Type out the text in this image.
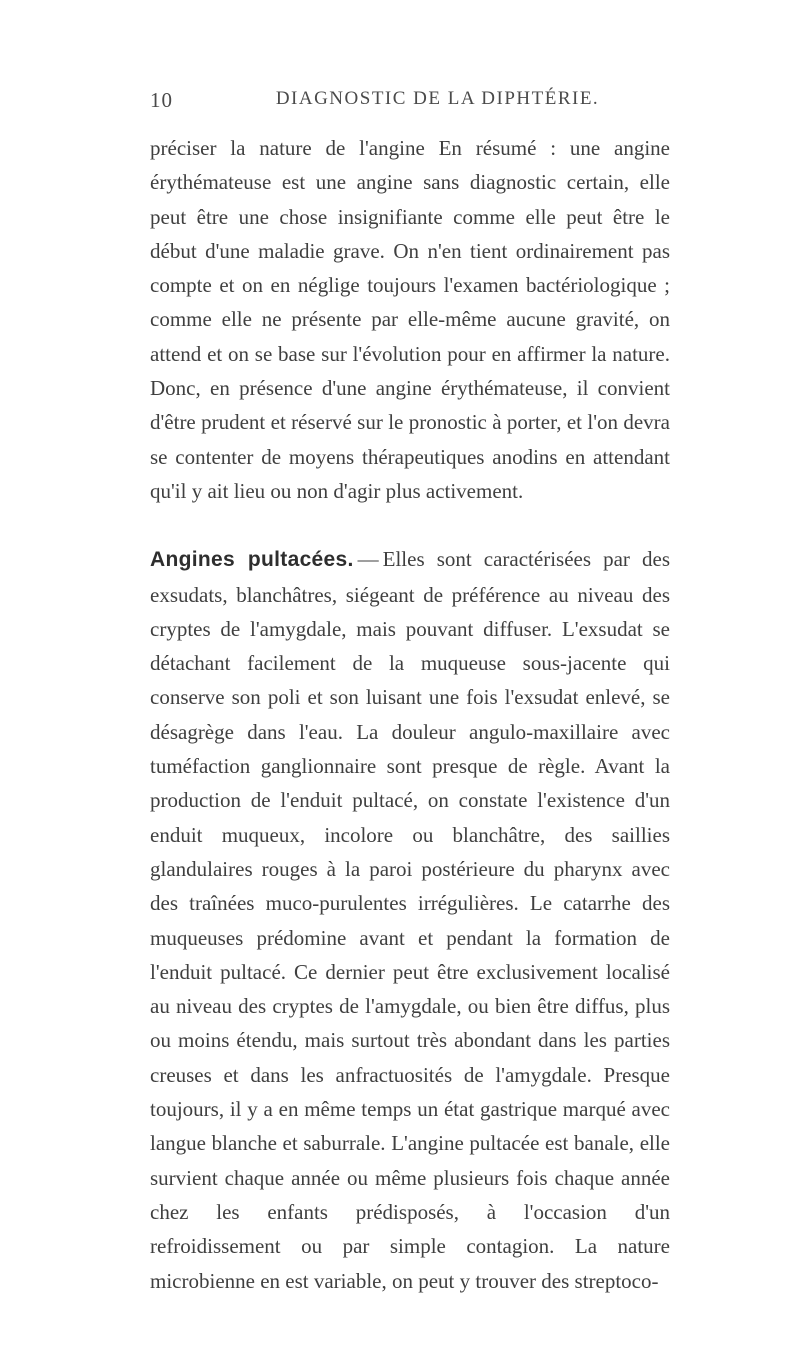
10	DIAGNOSTIC DE LA DIPHTÉRIE.

préciser la nature de l'angine En résumé : une angine érythémateuse est une angine sans diagnostic certain, elle peut être une chose insignifiante comme elle peut être le début d'une maladie grave. On n'en tient ordinairement pas compte et on en néglige toujours l'examen bactériologique ; comme elle ne présente par elle-même aucune gravité, on attend et on se base sur l'évolution pour en affirmer la nature. Donc, en présence d'une angine érythémateuse, il convient d'être prudent et réservé sur le pronostic à porter, et l'on devra se contenter de moyens thérapeutiques anodins en attendant qu'il y ait lieu ou non d'agir plus activement.

Angines pultacées. — Elles sont caractérisées par des exsudats, blanchâtres, siégeant de préférence au niveau des cryptes de l'amygdale, mais pouvant diffuser. L'exsudat se détachant facilement de la muqueuse sous-jacente qui conserve son poli et son luisant une fois l'exsudat enlevé, se désagrège dans l'eau. La douleur angulo-maxillaire avec tuméfaction ganglionnaire sont presque de règle. Avant la production de l'enduit pultacé, on constate l'existence d'un enduit muqueux, incolore ou blanchâtre, des saillies glandulaires rouges à la paroi postérieure du pharynx avec des traînées muco-purulentes irrégulières. Le catarrhe des muqueuses prédomine avant et pendant la formation de l'enduit pultacé. Ce dernier peut être exclusivement localisé au niveau des cryptes de l'amygdale, ou bien être diffus, plus ou moins étendu, mais surtout très abondant dans les parties creuses et dans les anfractuosités de l'amygdale. Presque toujours, il y a en même temps un état gastrique marqué avec langue blanche et saburrale. L'angine pultacée est banale, elle survient chaque année ou même plusieurs fois chaque année chez les enfants prédisposés, à l'occasion d'un refroidissement ou par simple contagion. La nature microbienne en est variable, on peut y trouver des streptoco-
